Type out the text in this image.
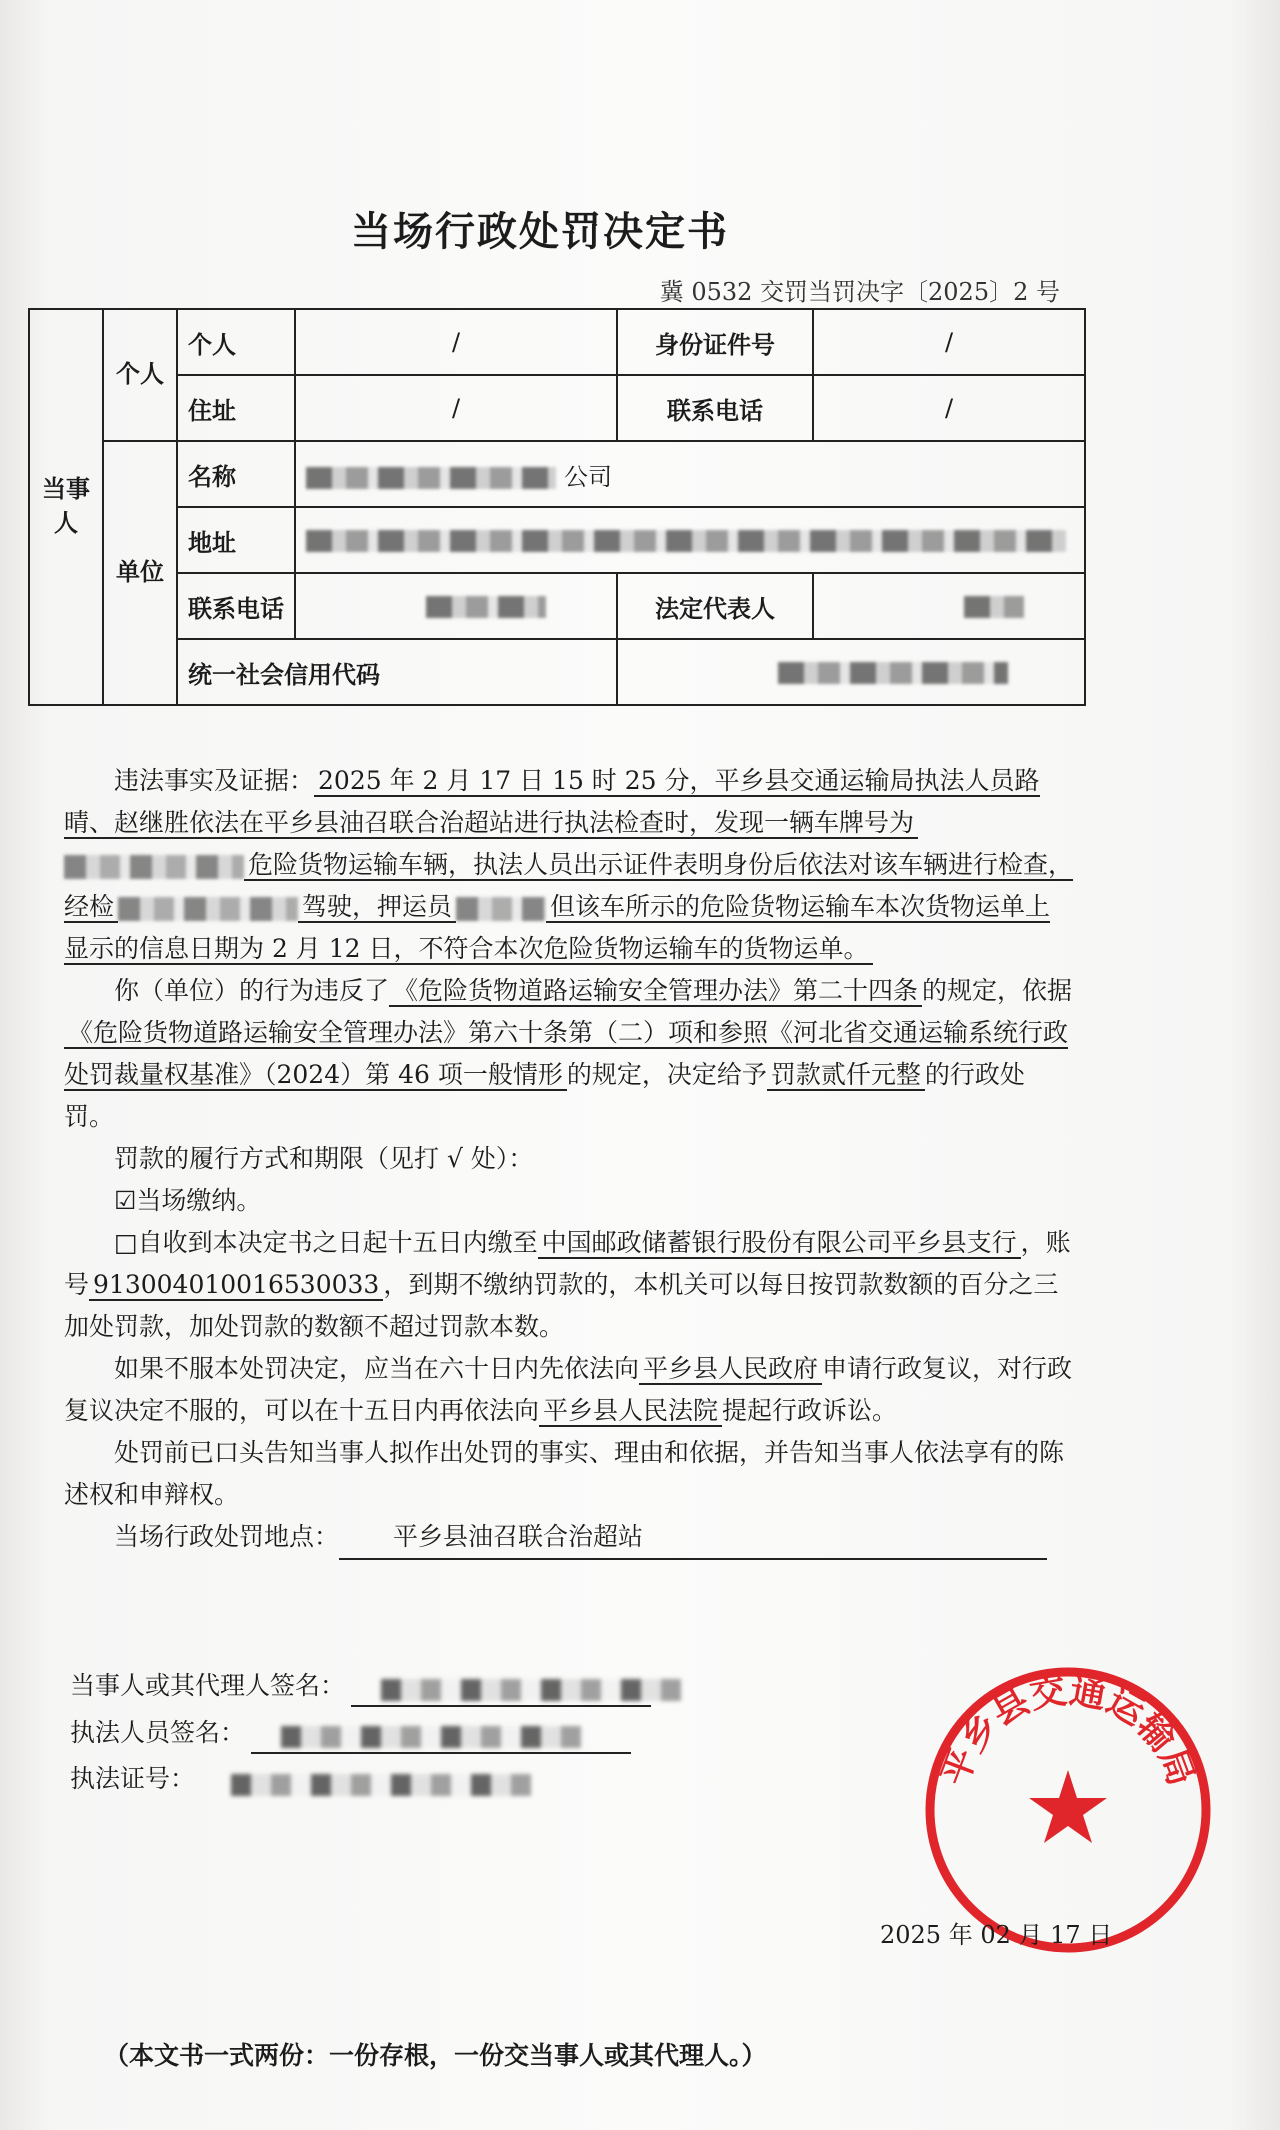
当场行政处罚决定书
冀 0532 交罚当罚决字〔2025〕2 号
当事人	个人	个人	/	身份证件号	/
		住址	/	联系电话	/
	单位	名称	公司		
		地址			
		联系电话		法定代表人	
		统一社会信用代码			

违法事实及证据： 2025 年 2 月 17 日 15 时 25 分，平乡县交通运输局执法人员路晴、赵继胜依法在平乡县油召联合治超站进行执法检查时，发现一辆车牌号为危险货物运输车辆，执法人员出示证件表明身份后依法对该车辆进行检查，经检	驾驶，押运员	但该车所示的危险货物运输车本次货物运单上显示的信息日期为 2 月 12 日，不符合本次危险货物运输车的货物运单。

你（单位）的行为违反了 《危险货物道路运输安全管理办法》第二十四条 的规定，依据《危险货物道路运输安全管理办法》第六十条第（二）项和参照《河北省交通运输系统行政处罚裁量权基准》（2024）第 46 项一般情形 的规定，决定给予 罚款贰仟元整 的行政处罚。

罚款的履行方式和期限（见打 √ 处）：

☑当场缴纳。

□自收到本决定书之日起十五日内缴至 中国邮政储蓄银行股份有限公司平乡县支行 ，账号 913004010016530033 ，到期不缴纳罚款的，本机关可以每日按罚款数额的百分之三加处罚款，加处罚款的数额不超过罚款本数。

如果不服本处罚决定，应当在六十日内先依法向 平乡县人民政府 申请行政复议，对行政复议决定不服的，可以在十五日内再依法向 平乡县人民法院 提起行政诉讼。

处罚前已口头告知当事人拟作出处罚的事实、理由和依据，并告知当事人依法享有的陈述权和申辩权。

当场行政处罚地点： 平乡县油召联合治超站

当事人或其代理人签名：
执法人员签名：
执法证号：	平乡县交通运输局
2025 年 02 月 17 日
（本文书一式两份：一份存根，一份交当事人或其代理人。）
